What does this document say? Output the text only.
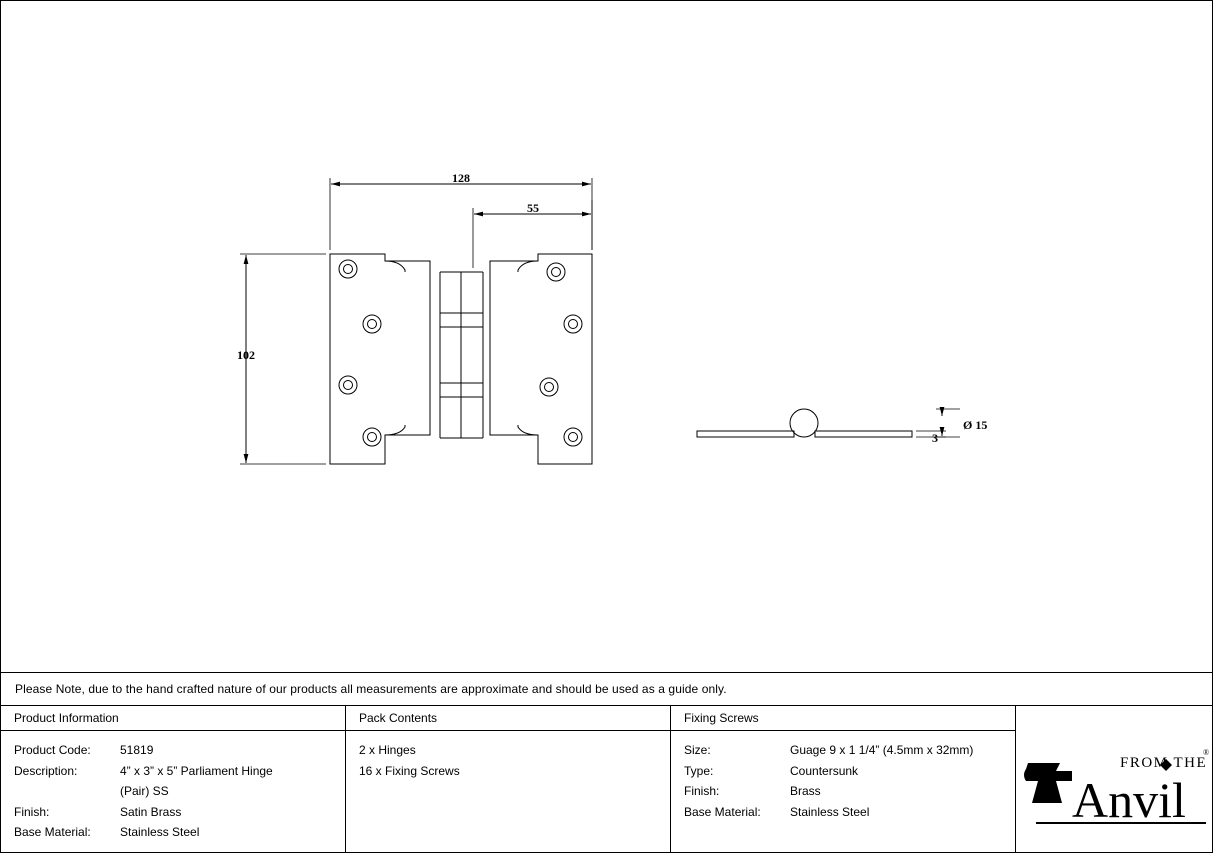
128
55
102
Ø 15
3
Please Note, due to the hand crafted nature of our products all measurements are approximate and should be used as a guide only.
Product Information
Product Code:	51819
Description:	4” x 3” x 5” Parliament Hinge
(Pair) SS
Finish:	Satin Brass
Base Material:	Stainless Steel
Pack Contents
2 x Hinges
16 x Fixing Screws
Fixing Screws
Size:	Guage 9 x 1 1/4” (4.5mm x 32mm)
Type:	Countersunk
Finish:	Brass
Base Material:	Stainless Steel
FROM THE
®
Anvil
